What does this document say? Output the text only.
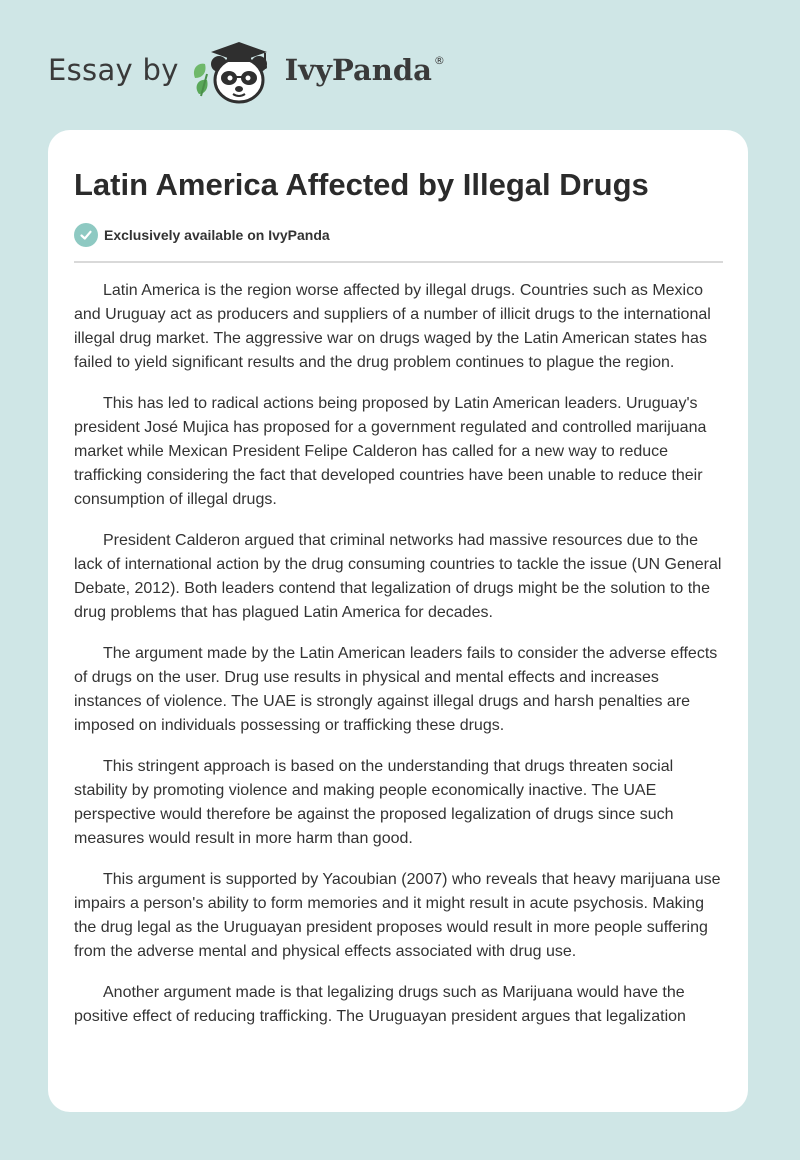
Essay by	IvyPanda ®
Latin America Affected by Illegal Drugs
Exclusively available on IvyPanda

Latin America is the region worse affected by illegal drugs. Countries such as Mexico and Uruguay act as producers and suppliers of a number of illicit drugs to the international illegal drug market. The aggressive war on drugs waged by the Latin American states has failed to yield significant results and the drug problem continues to plague the region.

This has led to radical actions being proposed by Latin American leaders. Uruguay's president José Mujica has proposed for a government regulated and controlled marijuana market while Mexican President Felipe Calderon has called for a new way to reduce trafficking considering the fact that developed countries have been unable to reduce their consumption of illegal drugs.

President Calderon argued that criminal networks had massive resources due to the lack of international action by the drug consuming countries to tackle the issue (UN General Debate, 2012). Both leaders contend that legalization of drugs might be the solution to the drug problems that has plagued Latin America for decades.

The argument made by the Latin American leaders fails to consider the adverse effects of drugs on the user. Drug use results in physical and mental effects and increases instances of violence. The UAE is strongly against illegal drugs and harsh penalties are imposed on individuals possessing or trafficking these drugs.

This stringent approach is based on the understanding that drugs threaten social stability by promoting violence and making people economically inactive. The UAE perspective would therefore be against the proposed legalization of drugs since such measures would result in more harm than good.

This argument is supported by Yacoubian (2007) who reveals that heavy marijuana use impairs a person's ability to form memories and it might result in acute psychosis. Making the drug legal as the Uruguayan president proposes would result in more people suffering from the adverse mental and physical effects associated with drug use.

Another argument made is that legalizing drugs such as Marijuana would have the positive effect of reducing trafficking. The Uruguayan president argues that legalization
